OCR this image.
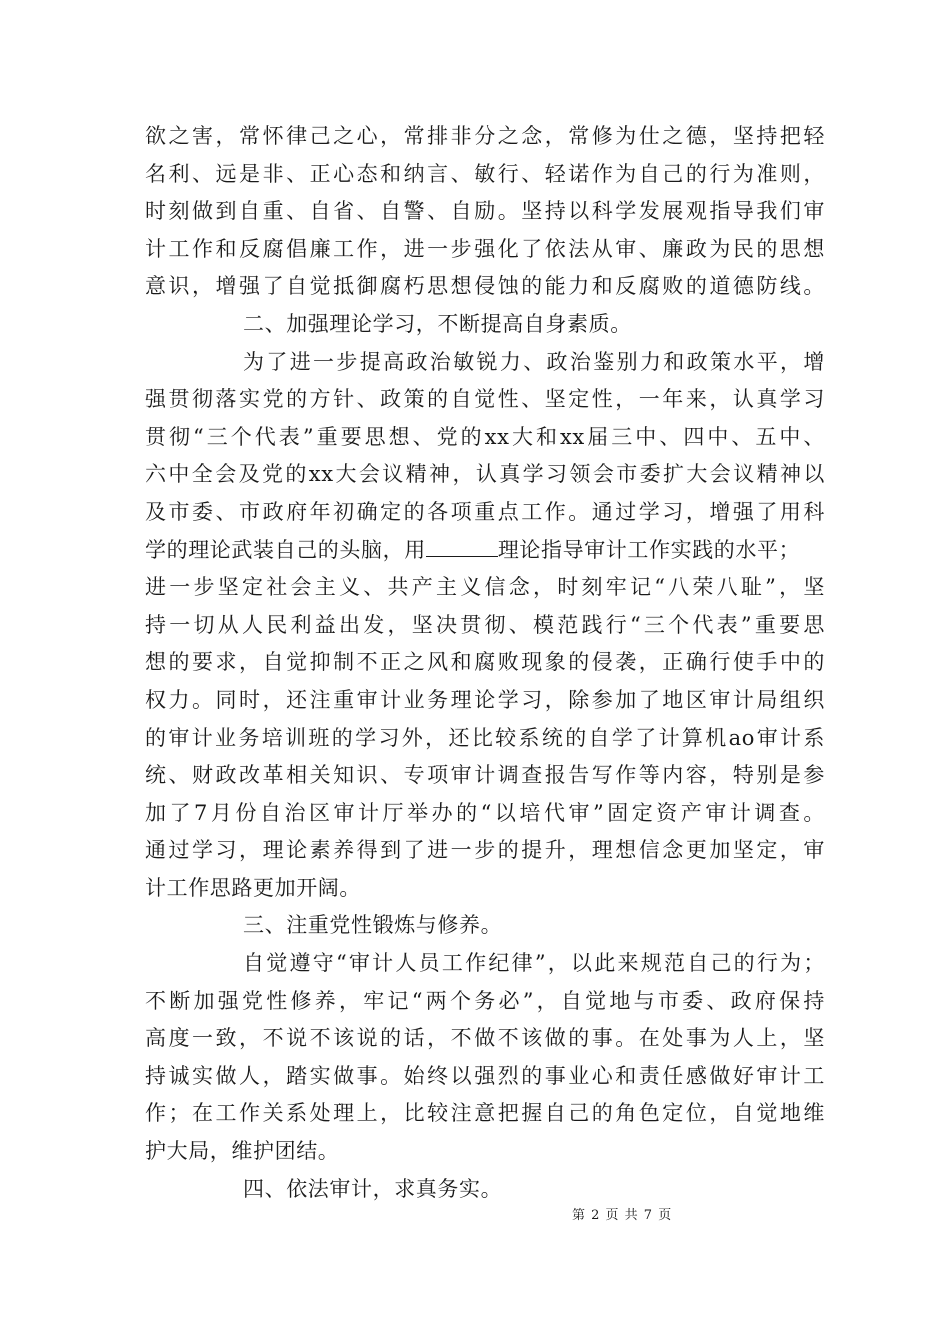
欲之害，常怀律己之心，常排非分之念，常修为仕之德，坚持把轻
名利、远是非、正心态和纳言、敏行、轻诺作为自己的行为准则，
时刻做到自重、自省、自警、自励。坚持以科学发展观指导我们审
计工作和反腐倡廉工作，进一步强化了依法从审、廉政为民的思想
意识，增强了自觉抵御腐朽思想侵蚀的能力和反腐败的道德防线。
二、加强理论学习，不断提高自身素质。
为了进一步提高政治敏锐力、政治鉴别力和政策水平，增
强贯彻落实党的方针、政策的自觉性、坚定性，一年来，认真学习
贯彻“三个代表”重要思想、党的xx大和xx届三中、四中、五中、
六中全会及党的xx大会议精神，认真学习领会市委扩大会议精神以
及市委、市政府年初确定的各项重点工作。通过学习，增强了用科
学的理论武装自己的头脑，用	理论指导审计工作实践的水平；
进一步坚定社会主义、共产主义信念，时刻牢记“八荣八耻”，坚
持一切从人民利益出发，坚决贯彻、模范践行“三个代表”重要思
想的要求，自觉抑制不正之风和腐败现象的侵袭，正确行使手中的
权力。同时，还注重审计业务理论学习，除参加了地区审计局组织
的审计业务培训班的学习外，还比较系统的自学了计算机ao审计系
统、财政改革相关知识、专项审计调查报告写作等内容，特别是参
加了7月份自治区审计厅举办的“以培代审”固定资产审计调查。
通过学习，理论素养得到了进一步的提升，理想信念更加坚定，审
计工作思路更加开阔。
三、注重党性锻炼与修养。
自觉遵守“审计人员工作纪律”，以此来规范自己的行为；
不断加强党性修养，牢记“两个务必”，自觉地与市委、政府保持
高度一致，不说不该说的话，不做不该做的事。在处事为人上，坚
持诚实做人，踏实做事。始终以强烈的事业心和责任感做好审计工
作；在工作关系处理上，比较注意把握自己的角色定位，自觉地维
护大局，维护团结。
四、依法审计，求真务实。
第 2 页 共 7 页
